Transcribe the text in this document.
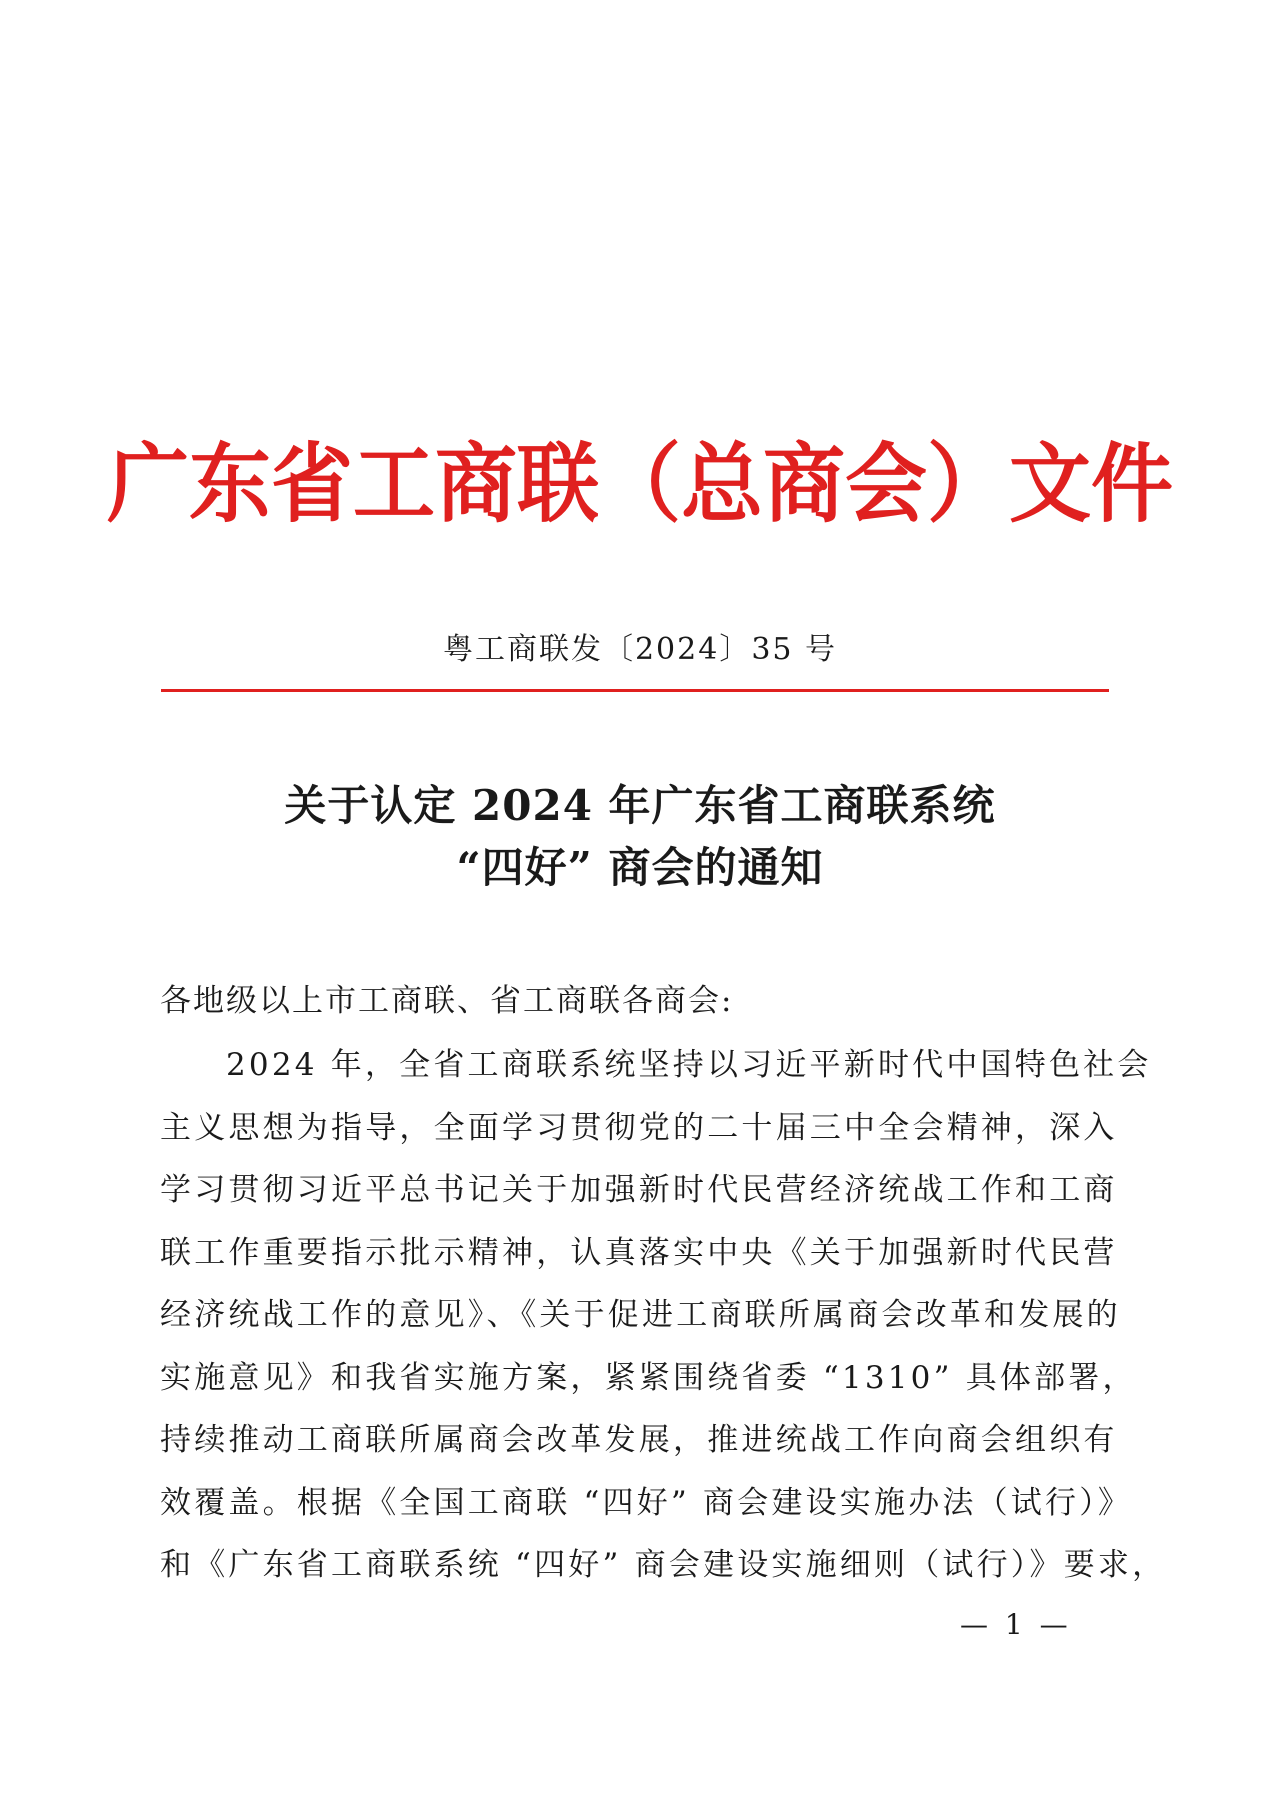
广东省工商联（总商会）文件
粤工商联发〔2024〕35 号
关于认定 2024 年广东省工商联系统
“四好” 商会的通知
各地级以上市工商联、省工商联各商会:
2024 年，全省工商联系统坚持以习近平新时代中国特色社会
主义思想为指导，全面学习贯彻党的二十届三中全会精神，深入
学习贯彻习近平总书记关于加强新时代民营经济统战工作和工商
联工作重要指示批示精神，认真落实中央《关于加强新时代民营
经济统战工作的意见》、《关于促进工商联所属商会改革和发展的
实施意见》和我省实施方案，紧紧围绕省委 “1310” 具体部署，
持续推动工商联所属商会改革发展，推进统战工作向商会组织有
效覆盖。根据《全国工商联 “四好” 商会建设实施办法（试行）》
和《广东省工商联系统 “四好” 商会建设实施细则（试行）》要求，
— 1 —
